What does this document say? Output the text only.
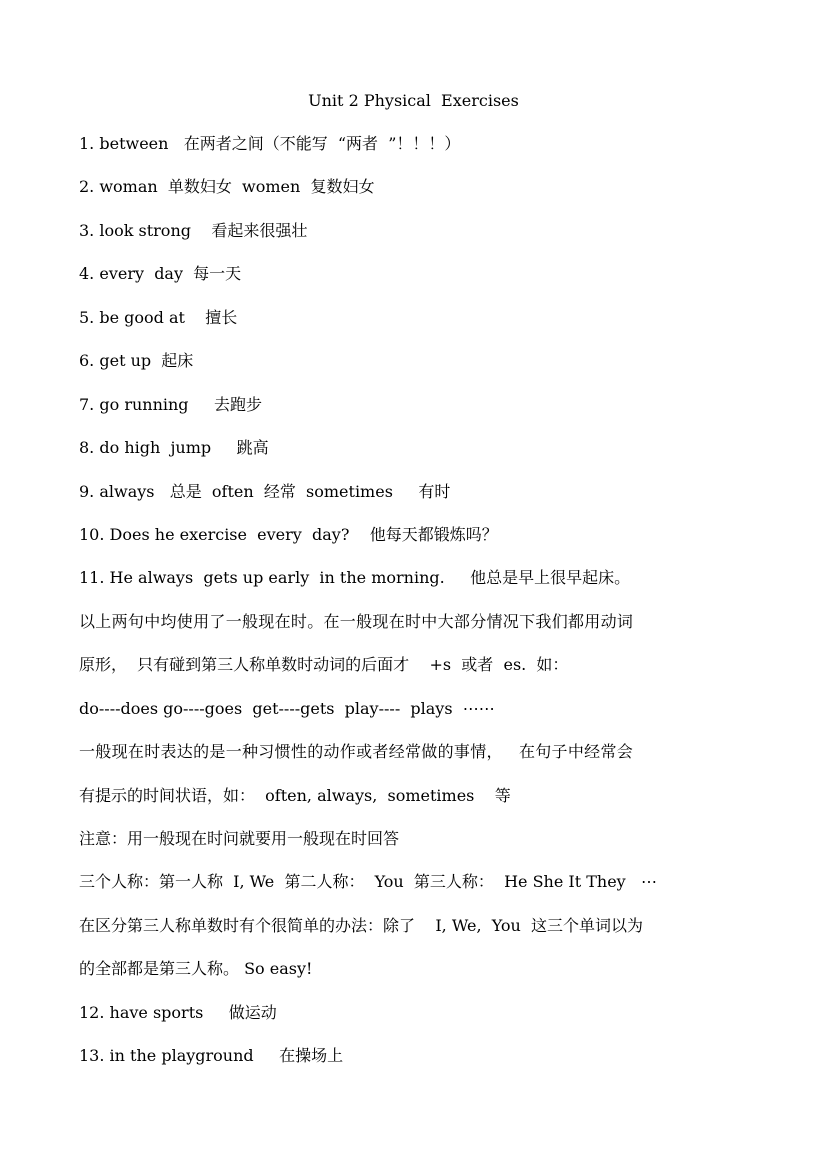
Unit 2 Physical  Exercises
1. between   在两者之间（不能写  “两者  ”！！！）
2. woman  单数妇女  women  复数妇女
3. look strong    看起来很强壮
4. every  day  每一天
5. be good at    擅长
6. get up  起床
7. go running     去跑步
8. do high  jump     跳高
9. always   总是  often  经常  sometimes     有时
10. Does he exercise  every  day?    他每天都锻炼吗？
11. He always  gets up early  in the morning.     他总是早上很早起床。
以上两句中均使用了一般现在时。在一般现在时中大部分情况下我们都用动词
原形，  只有碰到第三人称单数时动词的后面才    +s  或者  es.  如：
do----does go----goes  get----gets  play----  plays  ⋯⋯
一般现在时表达的是一种习惯性的动作或者经常做的事情，   在句子中经常会
有提示的时间状语，如：  often, always,  sometimes    等
注意：用一般现在时问就要用一般现在时回答
三个人称：第一人称  I, We  第二人称：  You  第三人称：  He She It They   ⋯
在区分第三人称单数时有个很简单的办法：除了    I, We,  You  这三个单词以为
的全部都是第三人称。 So easy!
12. have sports     做运动
13. in the playground     在操场上
